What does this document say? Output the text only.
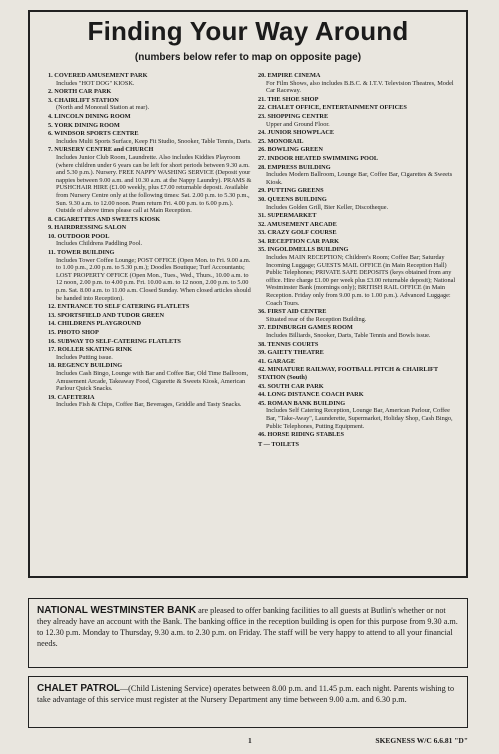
Finding Your Way Around
(numbers below refer to map on opposite page)
1. COVERED AMUSEMENT PARK
Includes "HOT DOG" KIOSK.
2. NORTH CAR PARK
3. CHAIRLIFT STATION
(North and Monorail Station at rear).
4. LINCOLN DINING ROOM
5. YORK DINING ROOM
6. WINDSOR SPORTS CENTRE
Includes Multi Sports Surface, Keep Fit Studio, Snooker, Table Tennis, Darts.
7. NURSERY CENTRE and CHURCH
Includes Junior Club Room, Laundrette. Also includes Kiddies Playroom (where children under 6 years can be left for short periods between 9.30 a.m. and 5.30 p.m.). Nursery. FREE NAPPY WASHING SERVICE (Deposit your nappies between 9.00 a.m. and 10.30 a.m. at the Nappy Laundry). PRAMS & PUSHCHAIR HIRE (£1.00 weekly, plus £7.00 returnable deposit. Available from Nursery Centre only at the following times: Sat. 2.00 p.m. to 5.30 p.m., Sun. 9.30 a.m. to 12.00 noon. Pram return Fri. 4.00 p.m. to 6.00 p.m.). Outside of above times please call at Main Reception.
8. CIGARETTES AND SWEETS KIOSK
9. HAIRDRESSING SALON
10. OUTDOOR POOL
Includes Childrens Paddling Pool.
11. TOWER BUILDING
Includes Tower Coffee Lounge; POST OFFICE (Open Mon. to Fri. 9.00 a.m. to 1.00 p.m., 2.00 p.m. to 5.30 p.m.); Doodles Boutique; Turf Accountants; LOST PROPERTY OFFICE (Open Mon., Tues., Wed., Thurs., 10.00 a.m. to 12 noon, 2.00 p.m. to 4.00 p.m. Fri. 10.00 a.m. to 12 noon, 2.00 p.m. to 5.00 p.m. Sat. 8.00 a.m. to 11.00 a.m. Closed Sunday. When closed articles should be handed into Reception).
12. ENTRANCE TO SELF CATERING FLATLETS
13. SPORTSFIELD AND TUDOR GREEN
14. CHILDRENS PLAYGROUND
15. PHOTO SHOP
16. SUBWAY TO SELF-CATERING FLATLETS
17. ROLLER SKATING RINK
Includes Putting issue.
18. REGENCY BUILDING
Includes Cash Bingo, Lounge with Bar and Coffee Bar, Old Time Ballroom, Amusement Arcade, Takeaway Food, Cigarette & Sweets Kiosk, American Parlour Quick Snacks.
19. CAFETERIA
Includes Fish & Chips, Coffee Bar, Beverages, Griddle and Tasty Snacks.
20. EMPIRE CINEMA
For Film Shows, also includes B.B.C. & I.T.V. Television Theatres, Model Car Raceway.
21. THE SHOE SHOP
22. CHALET OFFICE, ENTERTAINMENT OFFICES
23. SHOPPING CENTRE
Upper and Ground Floor.
24. JUNIOR SHOWPLACE
25. MONORAIL
26. BOWLING GREEN
27. INDOOR HEATED SWIMMING POOL
28. EMPRESS BUILDING
Includes Modern Ballroom, Lounge Bar, Coffee Bar, Cigarettes & Sweets Kiosk.
29. PUTTING GREENS
30. QUEENS BUILDING
Includes Golden Grill, Bier Keller, Discotheque.
31. SUPERMARKET
32. AMUSEMENT ARCADE
33. CRAZY GOLF COURSE
34. RECEPTION CAR PARK
35. INGOLDMELLS BUILDING
Includes MAIN RECEPTION; Children's Room; Coffee Bar; Saturday Incoming Luggage; GUESTS MAIL OFFICE (in Main Reception Hall) Public Telephones; PRIVATE SAFE DEPOSITS (keys obtained from any office. Hire charge £1.00 per week plus £3.00 returnable deposit); National Westminster Bank (mornings only); BRITISH RAIL OFFICE (in Main Reception. Friday only from 9.00 p.m. to 1.00 p.m.). Advanced Luggage: Coach Tours.
36. FIRST AID CENTRE
Situated rear of the Reception Building.
37. EDINBURGH GAMES ROOM
Includes Billiards, Snooker, Darts, Table Tennis and Bowls issue.
38. TENNIS COURTS
39. GAIETY THEATRE
41. GARAGE
42. MINIATURE RAILWAY, FOOTBALL PITCH & CHAIRLIFT STATION (South)
43. SOUTH CAR PARK
44. LONG DISTANCE COACH PARK
45. ROMAN BANK BUILDING
Includes Self Catering Reception, Lounge Bar, American Parlour, Coffee Bar, "Take-Away", Launderette, Supermarket, Holiday Shop, Cash Bingo, Public Telephones, Putting Equipment.
46. HORSE RIDING STABLES
T — TOILETS
NATIONAL WESTMINSTER BANK are pleased to offer banking facilities to all guests at Butlin's whether or not they already have an account with the Bank. The banking office in the reception building is open for this purpose from 9.30 a.m. to 12.30 p.m. Monday to Thursday, 9.30 a.m. to 2.30 p.m. on Friday. The staff will be very happy to attend to all your financial needs.
CHALET PATROL—(Child Listening Service) operates between 8.00 p.m. and 11.45 p.m. each night. Parents wishing to take advantage of this service must register at the Nursery Department any time between 9.00 a.m. and 6.30 p.m.
1	SKEGNESS W/C 6.6.81 "D"
